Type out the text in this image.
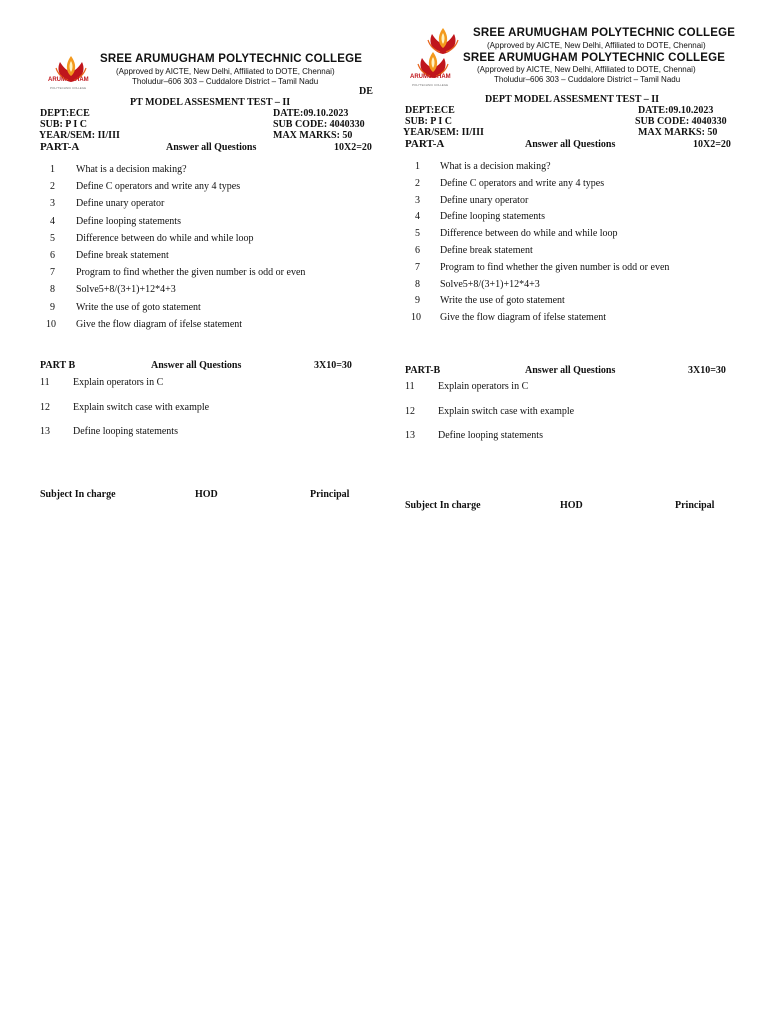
ARUMUGHAM
POLYTECHNIC COLLEGE
SREE ARUMUGHAM POLYTECHNIC COLLEGE
(Approved by AICTE, New Delhi, Affiliated to DOTE, Chennai)
Tholudur–606 303 – Cuddalore District – Tamil Nadu
DE
PT MODEL ASSESMENT TEST – II
DEPT:ECE	DATE:09.10.2023
SUB: P I C	SUB CODE: 4040330
YEAR/SEM: II/III	MAX MARKS: 50
PART-A	Answer all Questions	10X2=20
1 What is a decision making?
2 Define C operators and write any 4 types
3 Define unary operator
4 Define looping statements
5 Difference between do while and while loop
6 Define break statement
7 Program to find whether the given number is odd or even
8 Solve5+8/(3+1)+12*4+3
9 Write the use of goto statement
10 Give the flow diagram of ifelse statement
PART B	Answer all Questions	3X10=30
11 Explain operators in C
12 Explain switch case with example
13 Define looping statements
Subject In charge	HOD	Principal
SREE ARUMUGHAM POLYTECHNIC COLLEGE
(Approved by AICTE, New Delhi, Affiliated to DOTE, Chennai)
ARUMUGHAM
POLYTECHNIC COLLEGE
SREE ARUMUGHAM POLYTECHNIC COLLEGE
(Approved by AICTE, New Delhi, Affiliated to DOTE, Chennai)
Tholudur–606 303 – Cuddalore District – Tamil Nadu
DEPT MODEL ASSESMENT TEST – II
DEPT:ECE	DATE:09.10.2023
SUB: P I C	SUB CODE: 4040330
YEAR/SEM: II/III	MAX MARKS: 50
PART-A	Answer all Questions	10X2=20
1 What is a decision making?
2 Define C operators and write any 4 types
3 Define unary operator
4 Define looping statements
5 Difference between do while and while loop
6 Define break statement
7 Program to find whether the given number is odd or even
8 Solve5+8/(3+1)+12*4+3
9 Write the use of goto statement
10 Give the flow diagram of ifelse statement
PART-B	Answer all Questions	3X10=30
11 Explain operators in C
12 Explain switch case with example
13 Define looping statements
Subject In charge	HOD	Principal
